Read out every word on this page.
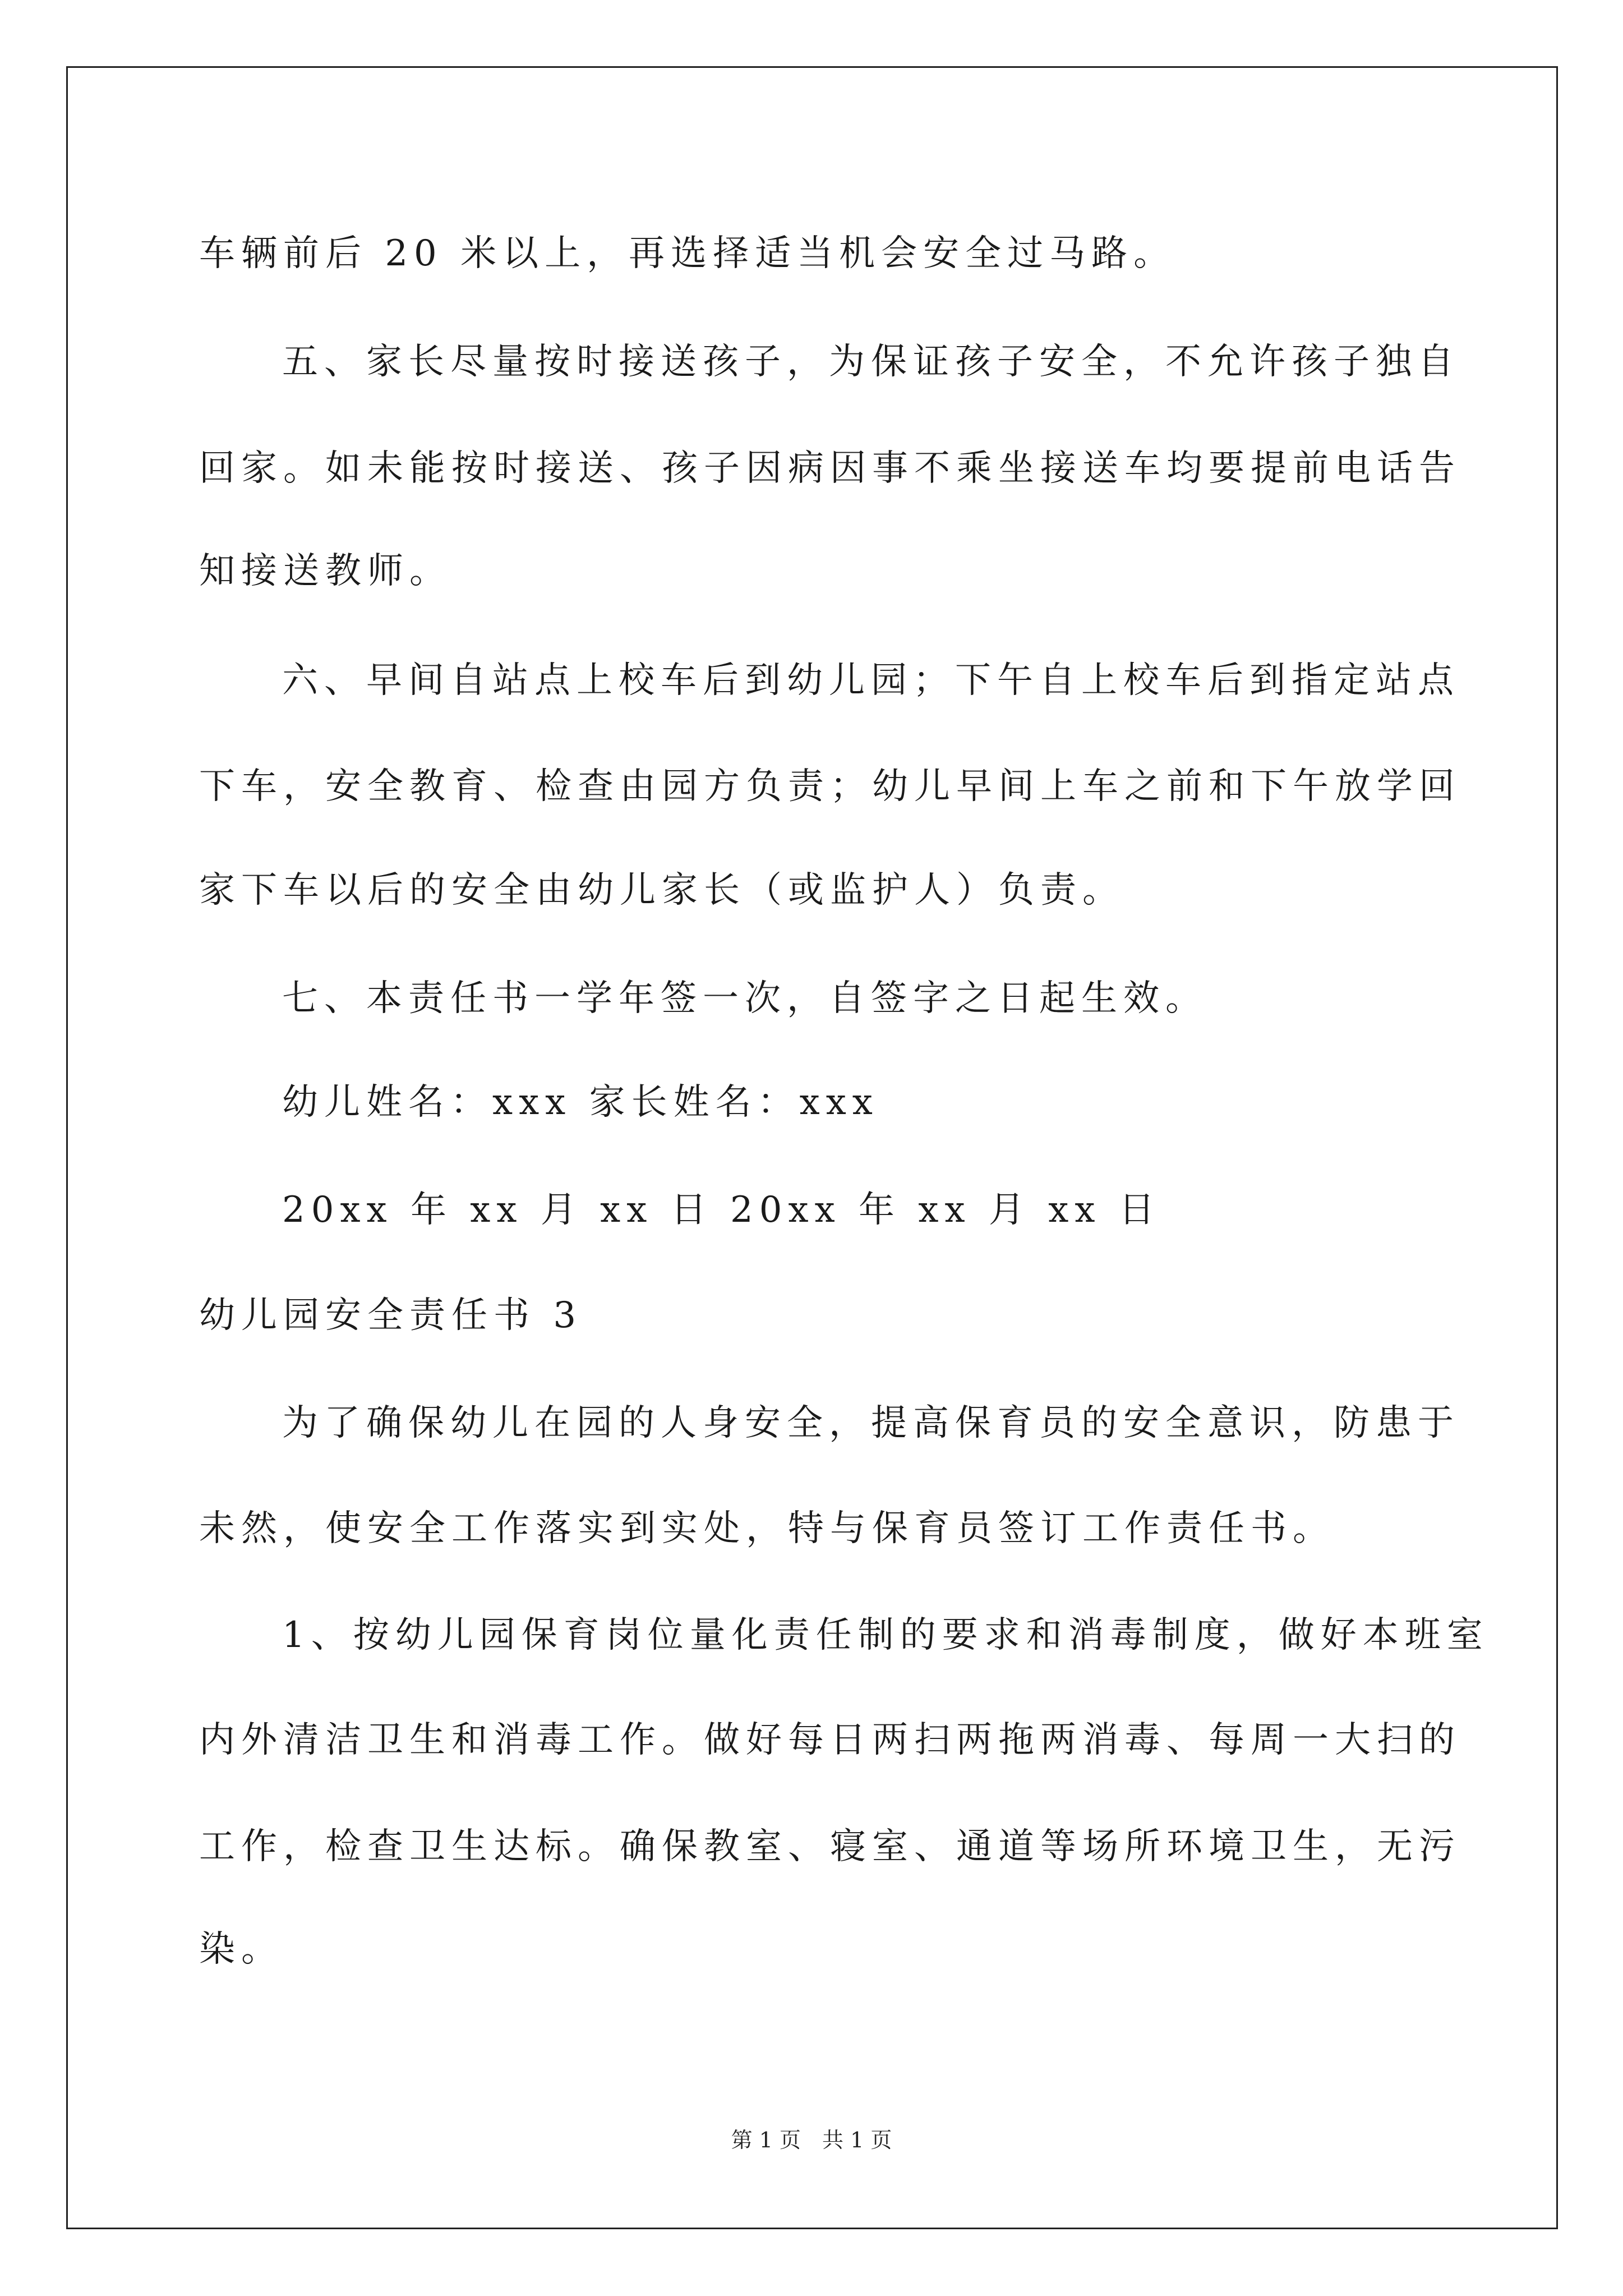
车辆前后 20 米以上，再选择适当机会安全过马路。
五、家长尽量按时接送孩子，为保证孩子安全，不允许孩子独自
回家。如未能按时接送、孩子因病因事不乘坐接送车均要提前电话告
知接送教师。
六、早间自站点上校车后到幼儿园；下午自上校车后到指定站点
下车，安全教育、检查由园方负责；幼儿早间上车之前和下午放学回
家下车以后的安全由幼儿家长（或监护人）负责。
七、本责任书一学年签一次，自签字之日起生效。
幼儿姓名：xxx 家长姓名：xxx
20xx 年 xx 月 xx 日 20xx 年 xx 月 xx 日
幼儿园安全责任书 3
为了确保幼儿在园的人身安全，提高保育员的安全意识，防患于
未然，使安全工作落实到实处，特与保育员签订工作责任书。
1、按幼儿园保育岗位量化责任制的要求和消毒制度，做好本班室
内外清洁卫生和消毒工作。做好每日两扫两拖两消毒、每周一大扫的
工作，检查卫生达标。确保教室、寝室、通道等场所环境卫生，无污
染。
第 1 页　共 1 页
